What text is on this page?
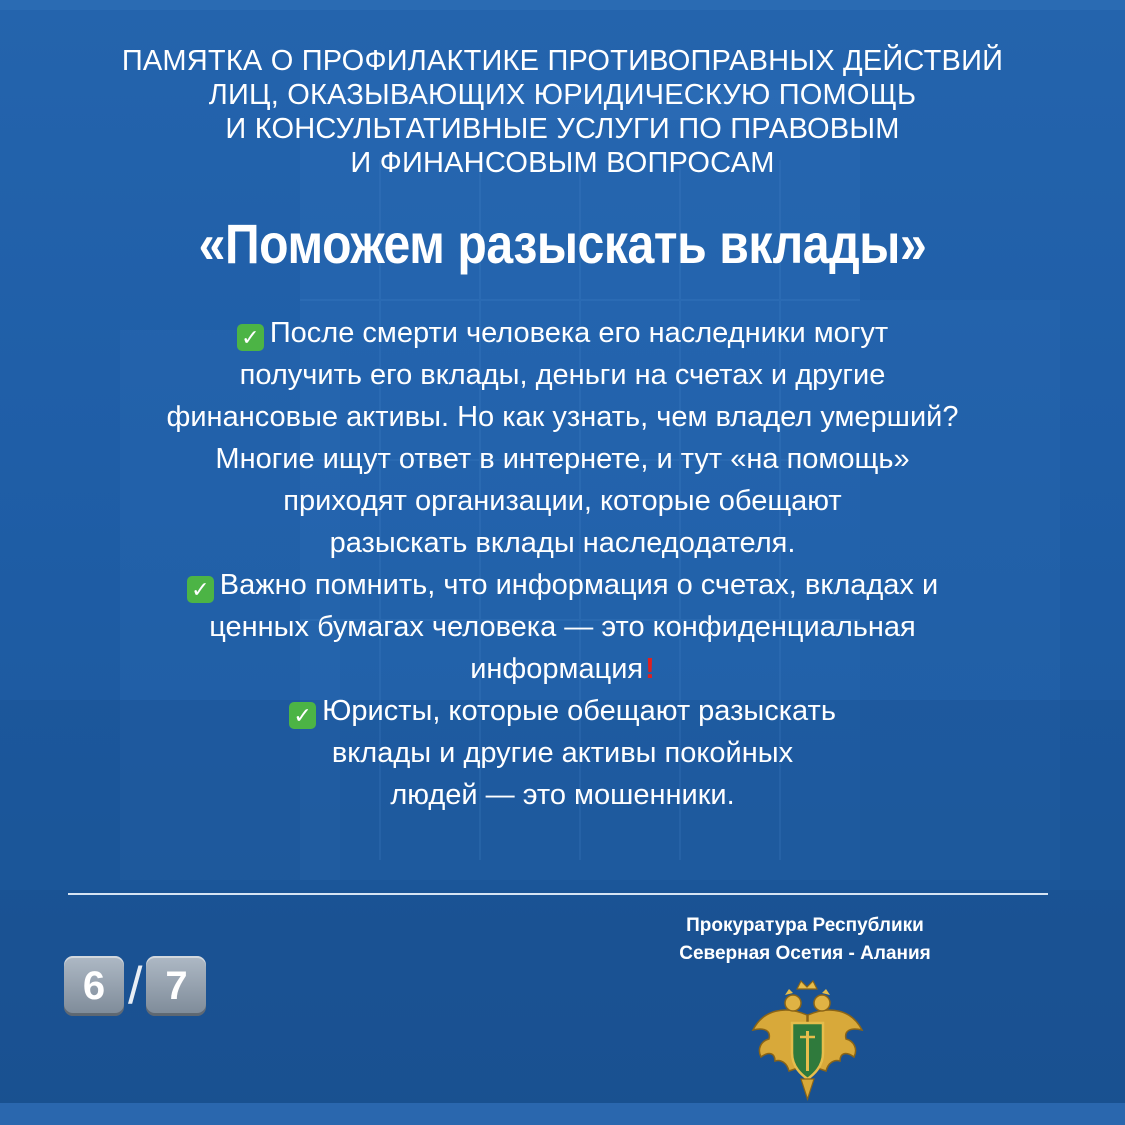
ПАМЯТКА О ПРОФИЛАКТИКЕ ПРОТИВОПРАВНЫХ ДЕЙСТВИЙ
ЛИЦ, ОКАЗЫВАЮЩИХ ЮРИДИЧЕСКУЮ ПОМОЩЬ
И КОНСУЛЬТАТИВНЫЕ УСЛУГИ ПО ПРАВОВЫМ
И ФИНАНСОВЫМ ВОПРОСАМ
«Поможем разыскать вклады»
✓ После смерти человека его наследники могут
получить его вклады, деньги на счетах и другие
финансовые активы. Но как узнать, чем владел умерший?
Многие ищут ответ в интернете, и тут «на помощь»
приходят организации, которые обещают
разыскать вклады наследодателя.
✓ Важно помнить, что информация о счетах, вкладах и
ценных бумагах человека — это конфиденциальная
информация!
✓ Юристы, которые обещают разыскать
вклады и другие активы покойных
людей — это мошенники.
Прокуратура Республики
Северная Осетия - Алания
6 / 7
